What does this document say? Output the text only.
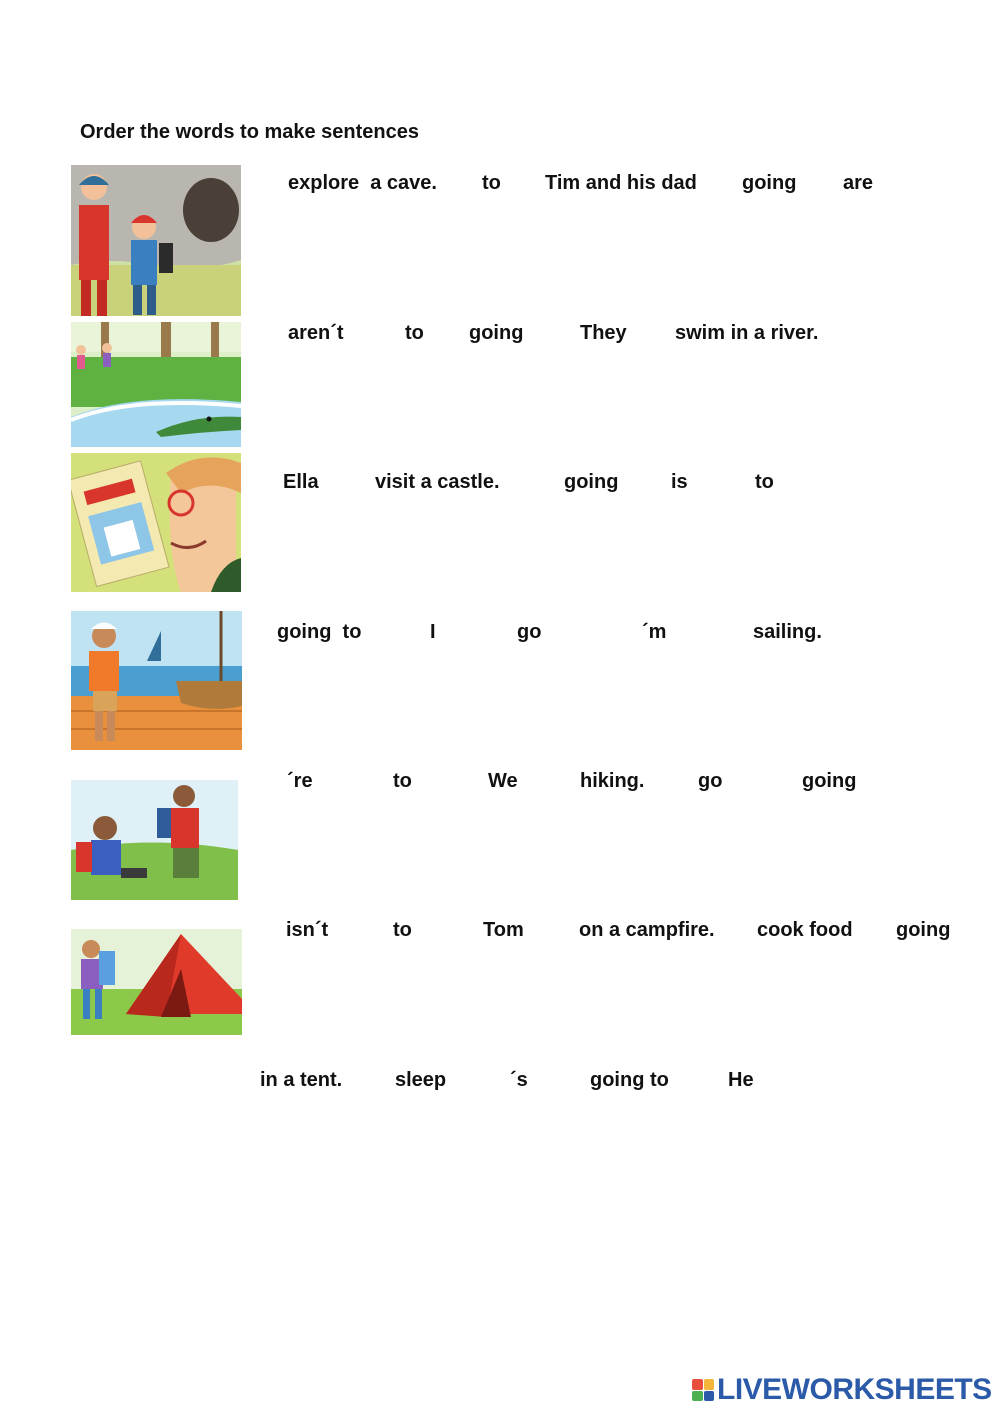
Order the words to make sentences
explore  a cave. to Tim and his dad going are
aren´t	to going	They swim in a river.
Ella	visit a castle.	going	is	to
going  to	I	go	´m	sailing.
´re	to	We	hiking.	go	going
isn´t	to	Tom	on a campfire. cook food going
in a tent.	sleep	´s	going to	He
LIVEWORKSHEETS
